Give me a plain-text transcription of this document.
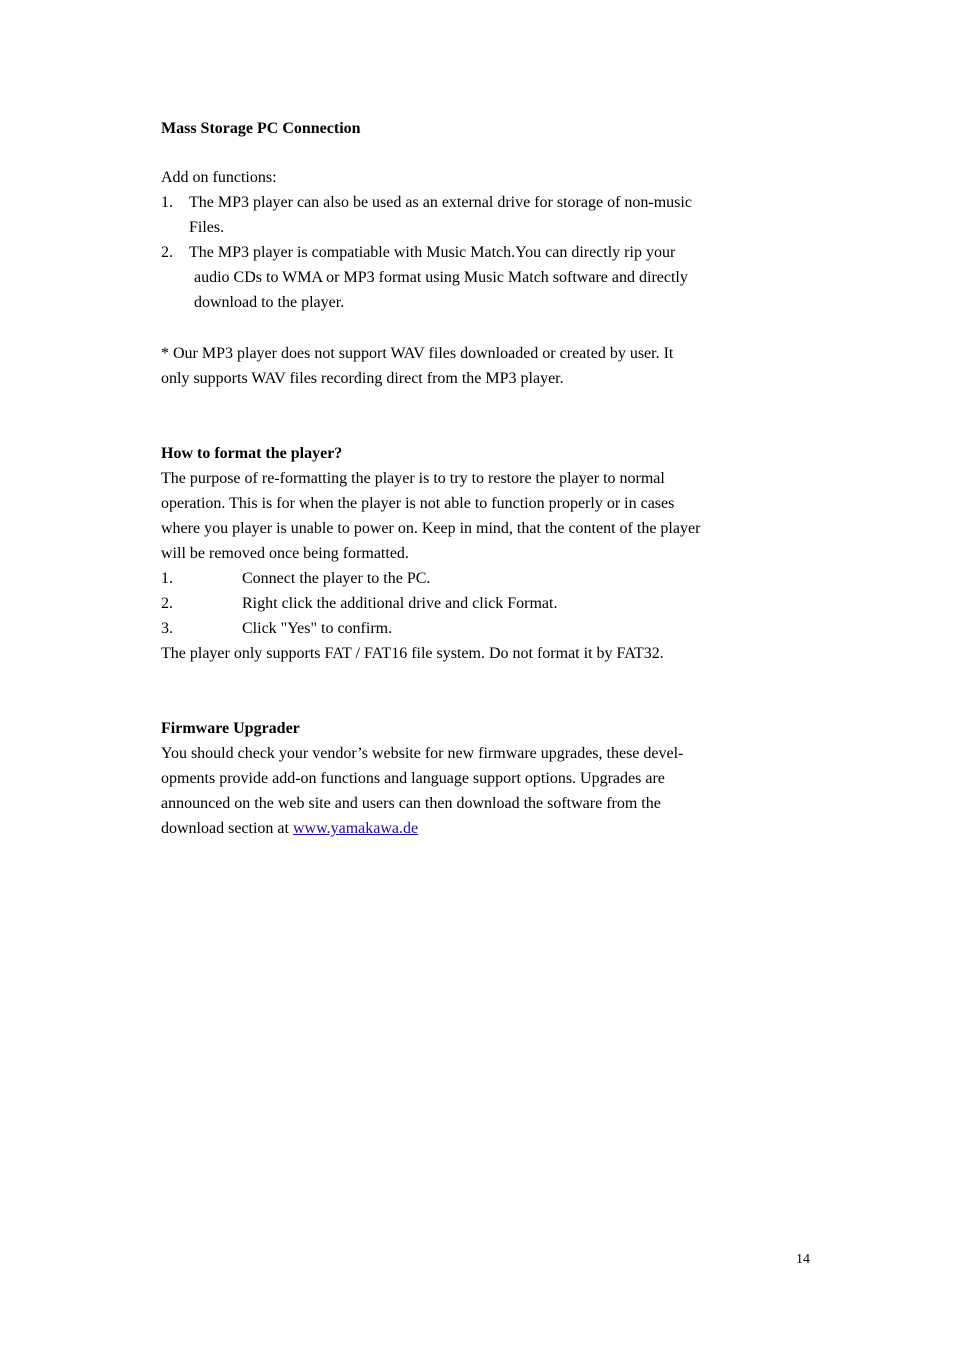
Mass Storage PC Connection
Add on functions:
1. The MP3 player can also be used as an external drive for storage of non-music
Files.
2. The MP3 player is compatiable with Music Match.You can directly rip your
audio CDs to WMA or MP3 format using Music Match software and directly
download to the player.
* Our MP3 player does not support WAV files downloaded or created by user. It
only supports WAV files recording direct from the MP3 player.
How to format the player?
The purpose of re-formatting the player is to try to restore the player to normal
operation. This is for when the player is not able to function properly or in cases
where you player is unable to power on. Keep in mind, that the content of the player
will be removed once being formatted.
1.	Connect the player to the PC.
2.	Right click the additional drive and click Format.
3.	Click "Yes" to confirm.
The player only supports FAT / FAT16 file system. Do not format it by FAT32.
Firmware Upgrader
You should check your vendor’s website for new firmware upgrades, these devel-
opments provide add-on functions and language support options. Upgrades are
announced on the web site and users can then download the software from the
download section at www.yamakawa.de
14
